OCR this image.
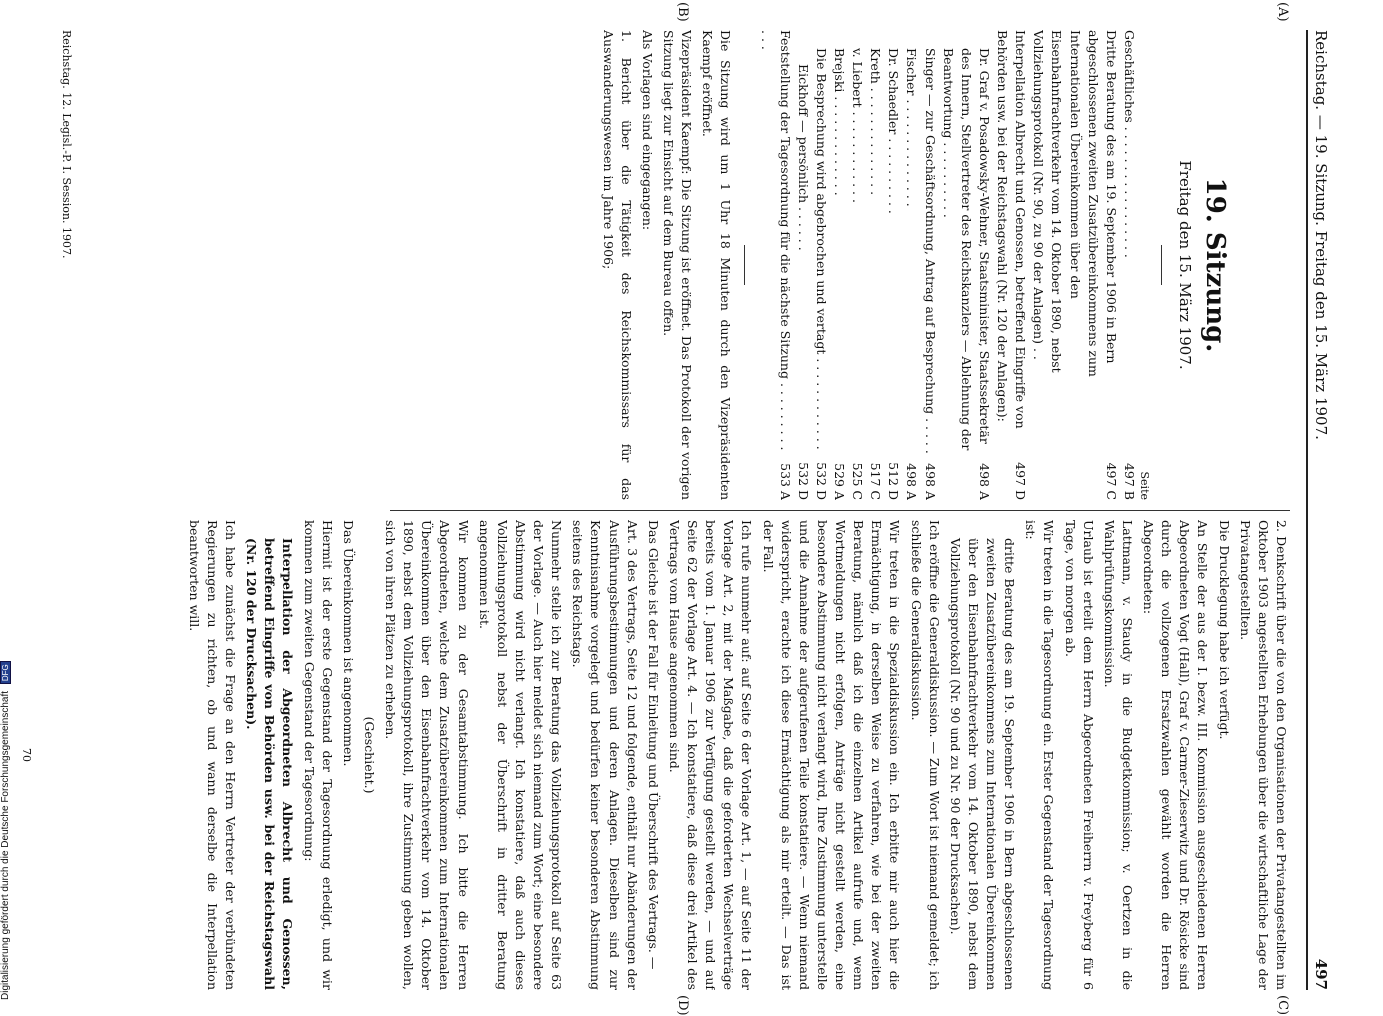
Reichstag. — 19. Sitzung. Freitag den 15. März 1907.
497
(A)
(B)
(C)
(D)
19. Sitzung.
Freitag den 15. März 1907.
Seite
Geschäftliches . . . . . . . . . . . . . . . . .
497 B
Dritte Beratung des am 19. September 1906 in Bern abgeschlossenen zweiten Zusatzübereinkommens zum Internationalen Übereinkommen über den Eisenbahnfrachtverkehr vom 14. Oktober 1890, nebst Vollziehungsprotokoll (Nr. 90, zu 90 der Anlagen) . .
497 C
Interpellation Albrecht und Genossen, betreffend Eingriffe von Behörden usw. bei der Reichstagswahl (Nr. 120 der Anlagen):
497 D
Dr. Graf v. Posadowsky-Wehner, Staatsminister, Staatssekretär des Innern, Stellvertreter des Reichskanzlers — Ablehnung der Beantwortung . . . . . . . . . .
498 A
Singer — zur Geschäftsordnung, Antrag auf Besprechung . . . . .
498 A
Fischer . . . . . . . . . . . . . .
498 A
Dr. Schaedler . . . . . . . . . .
512 D
Kreth . . . . . . . . . . . . . .
517 C
v. Liebert . . . . . . . . . . . .
525 C
Brejski . . . . . . . . . . . . .
529 A
Die Besprechung wird abgebrochen und vertagt . . . . . . . . . . . .
532 D
Eickhoff — persönlich . . . . . .
532 D
Feststellung der Tagesordnung für die nächste Sitzung . . . . . . . . . . . .
533 A

Die Sitzung wird um 1 Uhr 18 Minuten durch den Vizepräsidenten Kaempf eröffnet.

Vizepräsident Kaempf: Die Sitzung ist eröffnet. Das Protokoll der vorigen Sitzung liegt zur Einsicht auf dem Bureau offen.

Als Vorlagen sind eingegangen:

1. Bericht über die Tätigkeit des Reichskommissars für das Auswanderungswesen im Jahre 1906;

Reichstag. 12. Legisl.-P. I. Session. 1907.

2. Denkschrift über die von den Organisationen der Privatangestellten im Oktober 1903 angestellten Erhebungen über die wirtschaftliche Lage der Privatangestellten.

Die Drucklegung habe ich verfügt.

An Stelle der aus der I. bezw. III. Kommission ausgeschiedenen Herren Abgeordneten Vogt (Hall), Graf v. Carmer-Zieserwitz und Dr. Rösicke sind durch die vollzogenen Ersatzwahlen gewählt worden die Herren Abgeordneten:

Lattmann, v. Staudy in die Budgetkommission; v. Oertzen in die Wahlprüfungskommission.

Urlaub ist erteilt dem Herrn Abgeordneten Freiherrn v. Freyberg für 6 Tage, von morgen ab.

Wir treten in die Tagesordnung ein. Erster Gegenstand der Tagesordnung ist:

dritte Beratung des am 19. September 1906 in Bern abgeschlossenen zweiten Zusatzübereinkommens zum Internationalen Übereinkommen über den Eisenbahnfrachtverkehr vom 14. Oktober 1890, nebst dem Vollziehungsprotokoll (Nr. 90 und zu Nr. 90 der Drucksachen).

Ich eröffne die Generaldiskussion. — Zum Wort ist niemand gemeldet; ich schließe die Generaldiskussion.

Wir treten in die Spezialdiskussion ein. Ich erbitte mir auch hier die Ermächtigung, in derselben Weise zu verfahren, wie bei der zweiten Beratung, nämlich daß ich die einzelnen Artikel aufrufe und, wenn Wortmeldungen nicht erfolgen, Anträge nicht gestellt werden, eine besondere Abstimmung nicht verlangt wird, Ihre Zustimmung unterstelle und die Annahme der aufgerufenen Teile konstatiere. — Wenn niemand widerspricht, erachte ich diese Ermächtigung als mir erteilt. — Das ist der Fall.

Ich rufe nunmehr auf: auf Seite 6 der Vorlage Art. 1, — auf Seite 11 der Vorlage Art. 2, mit der Maßgabe, daß die geforderten Wechselverträge bereits vom 1. Januar 1906 zur Verfügung gestellt werden, — und auf Seite 62 der Vorlage Art. 4. — Ich konstatiere, daß diese drei Artikel des Vertrags vom Hause angenommen sind.

Das Gleiche ist der Fall für Einleitung und Überschrift des Vertrags. —

Art. 3 des Vertrags, Seite 12 und folgende, enthält nur Abänderungen der Ausführungsbestimmungen und deren Anlagen. Dieselben sind zur Kenntnisnahme vorgelegt und bedürfen keiner besonderen Abstimmung seitens des Reichstags.

Nunmehr stelle ich zur Beratung das Vollziehungsprotokoll auf Seite 63 der Vorlage. — Auch hier meldet sich niemand zum Wort; eine besondere Abstimmung wird nicht verlangt. Ich konstatiere, daß auch dieses Vollziehungsprotokoll nebst der Überschrift in dritter Beratung angenommen ist.

Wir kommen zu der Gesamtabstimmung. Ich bitte die Herren Abgeordneten, welche dem Zusatzübereinkommen zum Internationalen Übereinkommen über den Eisenbahnfrachtverkehr vom 14. Oktober 1890, nebst dem Vollziehungsprotokoll, ihre Zustimmung geben wollen, sich von ihren Plätzen zu erheben.

(Geschieht.)

Das Übereinkommen ist angenommen.

Hiermit ist der erste Gegenstand der Tagesordnung erledigt, und wir kommen zum zweiten Gegenstand der Tagesordnung:

Interpellation der Abgeordneten Albrecht und Genossen, betreffend Eingriffe von Behörden usw. bei der Reichstagswahl (Nr. 120 der Drucksachen).

Ich habe zunächst die Frage an den Herrn Vertreter der verbündeten Regierungen zu richten, ob und wann derselbe die Interpellation beantworten will.

70
Digitalisierung gefördert durch die Deutsche Forschungsgemeinschaft DFG
